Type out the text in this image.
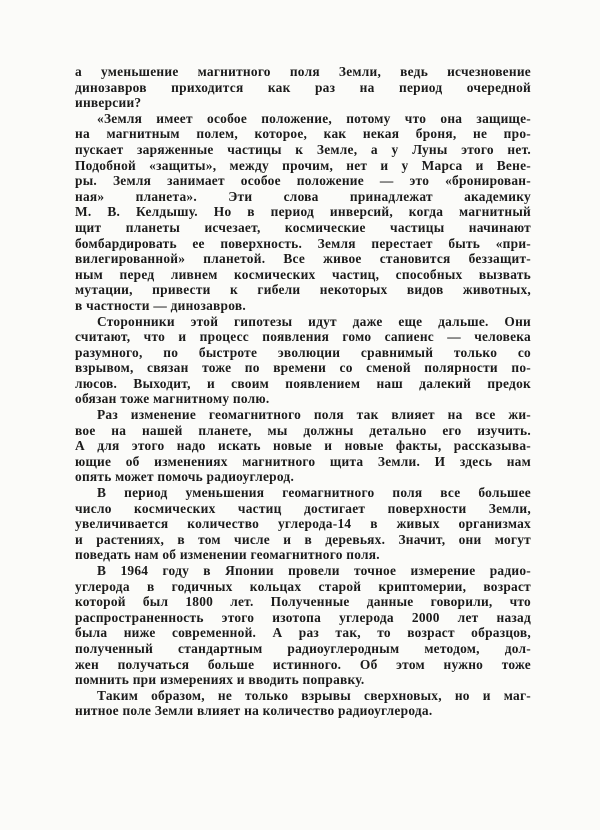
а уменьшение магнитного поля Земли, ведь исчезновение
динозавров приходится как раз на период очередной
инверсии?
«Земля имеет особое положение, потому что она защище-
на магнитным полем, которое, как некая броня, не про-
пускает заряженные частицы к Земле, а у Луны этого нет.
Подобной «защиты», между прочим, нет и у Марса и Вене-
ры. Земля занимает особое положение — это «бронирован-
ная» планета». Эти слова принадлежат академику
М. В. Келдышу. Но в период инверсий, когда магнитный
щит планеты исчезает, космические частицы начинают
бомбардировать ее поверхность. Земля перестает быть «при-
вилегированной» планетой. Все живое становится беззащит-
ным перед ливнем космических частиц, способных вызвать
мутации, привести к гибели некоторых видов животных,
в частности — динозавров.
Сторонники этой гипотезы идут даже еще дальше. Они
считают, что и процесс появления гомо сапиенс — человека
разумного, по быстроте эволюции сравнимый только со
взрывом, связан тоже по времени со сменой полярности по-
люсов. Выходит, и своим появлением наш далекий предок
обязан тоже магнитному полю.
Раз изменение геомагнитного поля так влияет на все жи-
вое на нашей планете, мы должны детально его изучить.
А для этого надо искать новые и новые факты, рассказыва-
ющие об изменениях магнитного щита Земли. И здесь нам
опять может помочь радиоуглерод.
В период уменьшения геомагнитного поля все большее
число космических частиц достигает поверхности Земли,
увеличивается количество углерода-14 в живых организмах
и растениях, в том числе и в деревьях. Значит, они могут
поведать нам об изменении геомагнитного поля.
В 1964 году в Японии провели точное измерение радио-
углерода в годичных кольцах старой криптомерии, возраст
которой был 1800 лет. Полученные данные говорили, что
распространенность этого изотопа углерода 2000 лет назад
была ниже современной. А раз так, то возраст образцов,
полученный стандартным радиоуглеродным методом, дол-
жен получаться больше истинного. Об этом нужно тоже
помнить при измерениях и вводить поправку.
Таким образом, не только взрывы сверхновых, но и маг-
нитное поле Земли влияет на количество радиоуглерода.
